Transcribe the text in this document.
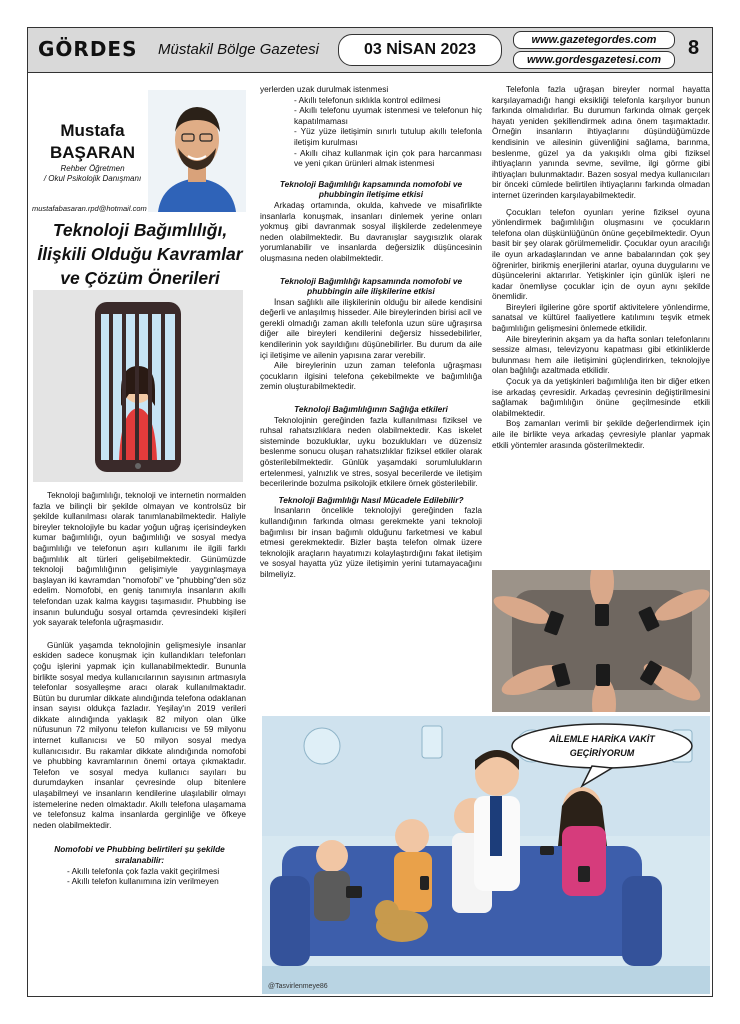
GÖRDES Müstakil Bölge Gazetesi	03 NİSAN 2023
www.gazetegordes.com
www.gordesgazetesi.com
8
Mustafa
BAŞARAN
Rehber Öğretmen
/ Okul Psikolojik Danışmanı
mustafabasaran.rpd@hotmail.com
Teknoloji Bağımlılığı,
İlişkili Olduğu Kavramlar
ve Çözüm Önerileri

Teknoloji bağımlılığı, teknoloji ve internetin normalden fazla ve bilinçli bir şekilde olmayan ve kontrolsüz bir şekilde kullanılması olarak tanımlanabilmektedir. Haliyle bireyler teknolojiyle bu kadar yoğun uğraş içerisindeyken kumar bağımlılığı, oyun bağımlılığı ve sosyal medya bağımlılığı ve telefonun aşırı kullanımı ile ilgili farklı bağımlılık alt türleri gelişebilmektedir. Günümüzde teknoloji bağımlılığının gelişimiyle yaygınlaşmaya başlayan iki kavramdan "nomofobi" ve "phubbing"den söz edelim. Nomofobi, en geniş tanımıyla insanların akıllı telefondan uzak kalma kaygısı taşımasıdır. Phubbing ise insanın bulunduğu sosyal ortamda çevresindeki kişileri yok sayarak telefonla uğraşmasıdır.

Günlük yaşamda teknolojinin gelişmesiyle insanlar eskiden sadece konuşmak için kullandıkları telefonları çoğu işlerini yapmak için kullanabilmektedir. Bununla birlikte sosyal medya kullanıcılarının sayısının artmasıyla telefonlar sosyalleşme aracı olarak kullanılmaktadır. Bütün bu durumlar dikkate alındığında telefona odaklanan insan sayısı oldukça fazladır. Yeşilay'ın 2019 verileri dikkate alındığında yaklaşık 82 milyon olan ülke nüfusunun 72 milyonu telefon kullanıcısı ve 59 milyonu internet kullanıcısı ve 50 milyon sosyal medya kullanıcısıdır. Bu rakamlar dikkate alındığında nomofobi ve phubbing kavramlarının önemi ortaya çıkmaktadır. Telefon ve sosyal medya kullanıcı sayıları bu durumdayken insanlar çevresinde olup bitenlere ulaşabilmeyi ve insanların kendilerine ulaşılabilir olmayı istemelerine neden olmaktadır. Akıllı telefona ulaşamama ve telefonsuz kalma insanlarda gerginliğe ve öfkeye neden olabilmektedir.

Nomofobi ve Phubbing belirtileri şu şekilde sıralanabilir:

- Akıllı telefonla çok fazla vakit geçirilmesi

- Akıllı telefon kullanımına izin verilmeyen

yerlerden uzak durulmak istenmesi

- Akıllı telefonun sıklıkla kontrol edilmesi

- Akıllı telefonu uyumak istenmesi ve telefonun hiç kapatılmaması

- Yüz yüze iletişimin sınırlı tutulup akıllı telefonla iletişim kurulması

- Akıllı cihaz kullanmak için çok para harcanması ve yeni çıkan ürünleri almak istenmesi

Teknoloji Bağımlılığı kapsamında nomofobi ve phubbingin iletişime etkisi

Arkadaş ortamında, okulda, kahvede ve misafirlikte insanlarla konuşmak, insanları dinlemek yerine onları yokmuş gibi davranmak sosyal ilişkilerde zedelenmeye neden olabilmektedir. Bu davranışlar saygısızlık olarak yorumlanabilir ve insanlarda değersizlik düşüncesinin oluşmasına neden olabilmektedir.

Teknoloji Bağımlılığı kapsamında nomofobi ve phubbingin aile ilişkilerine etkisi

İnsan sağlıklı aile ilişkilerinin olduğu bir ailede kendisini değerli ve anlaşılmış hisseder. Aile bireylerinden birisi acil ve gerekli olmadığı zaman akıllı telefonla uzun süre uğraşırsa diğer aile bireyleri kendilerini değersiz hissedebilirler, kendilerinin yok sayıldığını düşünebilirler. Bu durum da aile içi iletişime ve ailenin yapısına zarar verebilir.

Aile bireylerinin uzun zaman telefonla uğraşması çocukların ilgisini telefona çekebilmekte ve bağımlılığa zemin oluşturabilmektedir.

Teknoloji Bağımlılığının Sağlığa etkileri

Teknolojinin gereğinden fazla kullanılması fiziksel ve ruhsal rahatsızlıklara neden olabilmektedir. Kas iskelet sisteminde bozukluklar, uyku bozuklukları ve düzensiz beslenme sonucu oluşan rahatsızlıklar fiziksel etkiler olarak gösterilebilmektedir. Günlük yaşamdaki sorumlulukların ertelenmesi, yalnızlık ve stres, sosyal becerilerde ve iletişim becerilerinde bozulma psikolojik etkilere örnek gösterilebilir.

Teknoloji Bağımlılığı Nasıl Mücadele Edilebilir?

İnsanların öncelikle teknolojiyi gereğinden fazla kullandığının farkında olması gerekmekte yani teknoloji bağımlısı bir insan bağımlı olduğunu farketmesi ve kabul etmesi gerekmektedir. Bizler başta telefon olmak üzere teknolojik araçların hayatımızı kolaylaştırdığını fakat iletişim ve sosyal hayatta yüz yüze iletişimin yerini tutamayacağını bilmeliyiz.

Telefonla fazla uğraşan bireyler normal hayatta karşılayamadığı hangi eksikliği telefonla karşılıyor bunun farkında olmalıdırlar. Bu durumun farkında olmak gerçek hayatı yeniden şekillendirmek adına önem taşımaktadır. Örneğin insanların ihtiyaçlarını düşündüğümüzde kendisinin ve ailesinin güvenliğini sağlama, barınma, beslenme, güzel ya da yakışıklı olma gibi fiziksel ihtiyaçların yanında sevme, sevilme, ilgi görme gibi ihtiyaçları bulunmaktadır. Bazen sosyal medya kullanıcıları bir önceki cümlede belirtilen ihtiyaçlarını farkında olmadan internet üzerinden karşılayabilmektedir.

Çocukları telefon oyunları yerine fiziksel oyuna yönlendirmek bağımlılığın oluşmasını ve çocukların telefona olan düşkünlüğünün önüne geçebilmektedir. Oyun basit bir şey olarak görülmemelidir. Çocuklar oyun aracılığı ile oyun arkadaşlarından ve anne babalarından çok şey öğrenirler, birikmiş enerjilerini atarlar, oyuna duygularını ve düşüncelerini aktarırlar. Yetişkinler için günlük işleri ne kadar önemliyse çocuklar için de oyun aynı şekilde önemlidir.

Bireyleri ilgilerine göre sportif aktivitelere yönlendirme, sanatsal ve kültürel faaliyetlere katılımını teşvik etmek bağımlılığın gelişmesini önlemede etkilidir.

Aile bireylerinin akşam ya da hafta sonları telefonlarını sessize alması, televizyonu kapatması gibi etkinliklerde bulunması hem aile iletişimini güçlendirirken, teknolojiye olan bağlılığı azaltmada etkilidir.

Çocuk ya da yetişkinleri bağımlılığa iten bir diğer etken ise arkadaş çevresidir. Arkadaş çevresinin değiştirilmesini sağlamak bağımlılığın önüne geçilmesinde etkili olabilmektedir.

Boş zamanları verimli bir şekilde değerlendirmek için aile ile birlikte veya arkadaş çevresiyle planlar yapmak etkili yöntemler arasında gösterilmektedir.

AİLEMLE HARİKA VAKİT
GEÇİRİYORUM
@Tasvirlenmeye86
